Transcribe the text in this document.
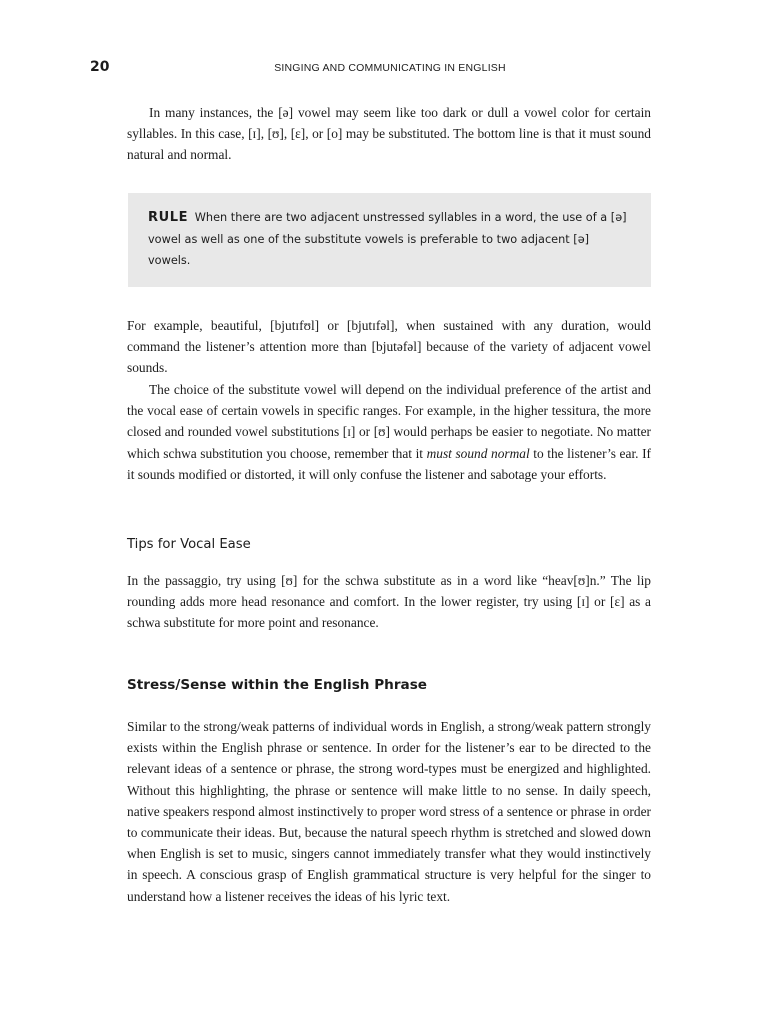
20	SINGING AND COMMUNICATING IN ENGLISH

In many instances, the [ə] vowel may seem like too dark or dull a vowel color for certain syllables. In this case, [ɪ], [ʊ], [ɛ], or [o] may be substituted. The bottom line is that it must sound natural and normal.

RULE When there are two adjacent unstressed syllables in a word, the use of a [ə] vowel as well as one of the substitute vowels is preferable to two adjacent [ə] vowels.

For example, beautiful, [bjutɪfʊl] or [bjutɪfəl], when sustained with any duration, would command the listener’s attention more than [bjutəfəl] because of the variety of adjacent vowel sounds.

The choice of the substitute vowel will depend on the individual preference of the artist and the vocal ease of certain vowels in specific ranges. For example, in the higher tessitura, the more closed and rounded vowel substitutions [ɪ] or [ʊ] would perhaps be easier to negotiate. No matter which schwa substitution you choose, remember that it must sound normal to the listener’s ear. If it sounds modified or distorted, it will only confuse the listener and sabotage your efforts.

Tips for Vocal Ease

In the passaggio, try using [ʊ] for the schwa substitute as in a word like “heav[ʊ]n.” The lip rounding adds more head resonance and comfort. In the lower register, try using [ɪ] or [ɛ] as a schwa substitute for more point and resonance.

Stress/Sense within the English Phrase

Similar to the strong/weak patterns of individual words in English, a strong/weak pattern strongly exists within the English phrase or sentence. In order for the listener’s ear to be directed to the relevant ideas of a sentence or phrase, the strong word-types must be energized and highlighted. Without this highlighting, the phrase or sentence will make little to no sense. In daily speech, native speakers respond almost instinctively to proper word stress of a sentence or phrase in order to communicate their ideas. But, because the natural speech rhythm is stretched and slowed down when English is set to music, singers cannot immediately transfer what they would instinctively in speech. A conscious grasp of English grammatical structure is very helpful for the singer to understand how a listener receives the ideas of his lyric text.
